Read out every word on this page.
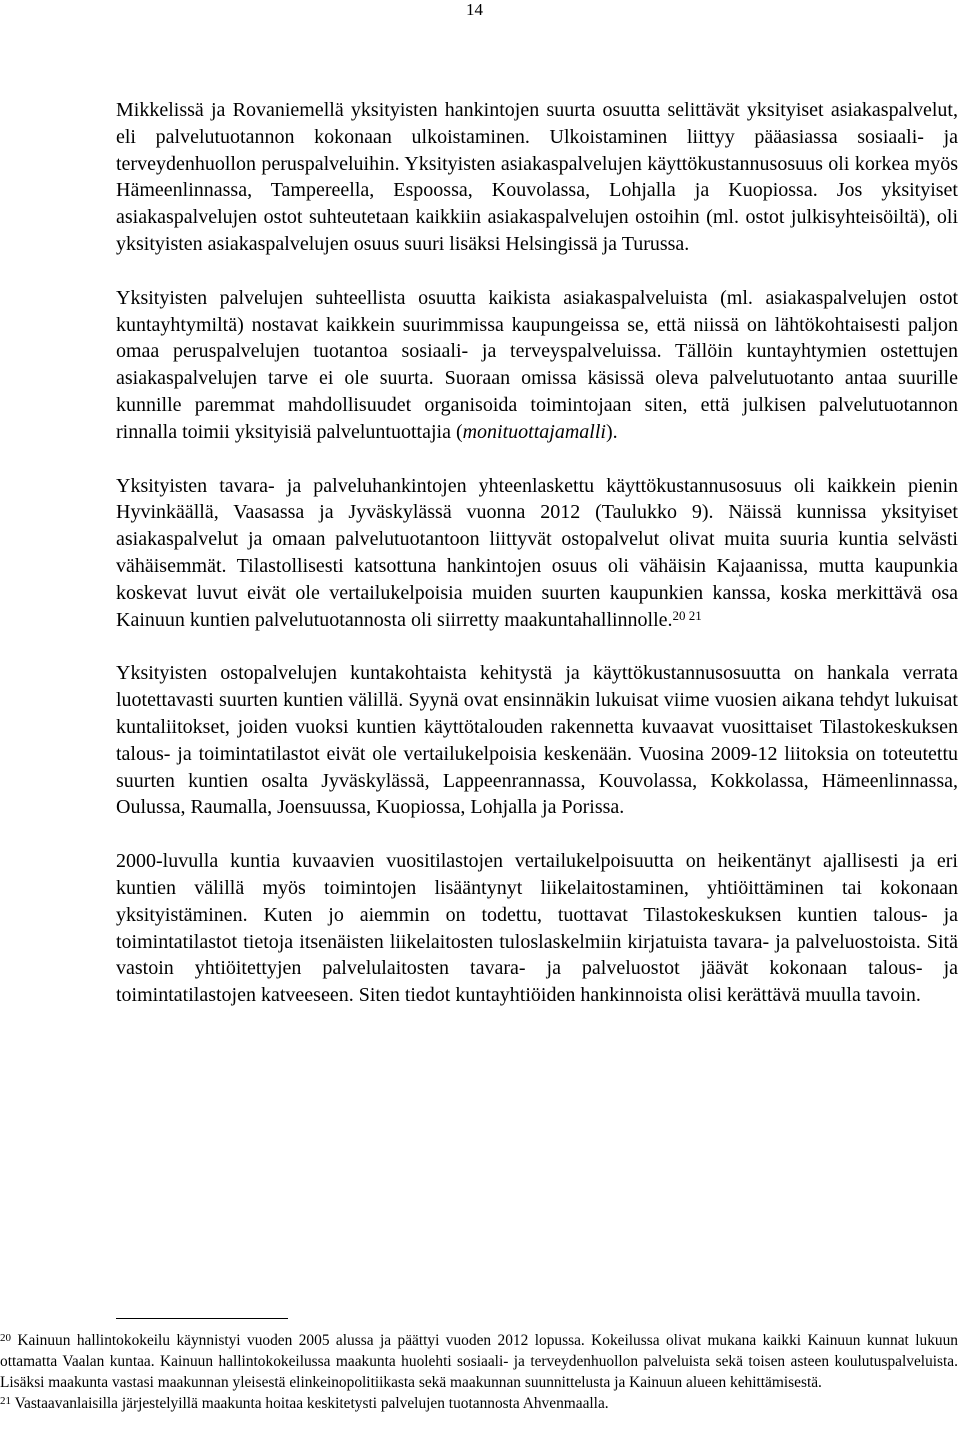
14

Mikkelissä ja Rovaniemellä yksityisten hankintojen suurta osuutta selittävät yksityiset asiakaspalvelut, eli palvelutuotannon kokonaan ulkoistaminen. Ulkoistaminen liittyy pääasiassa sosiaali- ja terveydenhuollon peruspalveluihin. Yksityisten asiakaspalvelujen käyttökustannusosuus oli korkea myös Hämeenlinnassa, Tampereella, Espoossa, Kouvolassa, Lohjalla ja Kuopiossa. Jos yksityiset asiakaspalvelujen ostot suhteutetaan kaikkiin asiakaspalvelujen ostoihin (ml. ostot julkisyhteisöiltä), oli yksityisten asiakaspalvelujen osuus suuri lisäksi Helsingissä ja Turussa.

Yksityisten palvelujen suhteellista osuutta kaikista asiakaspalveluista (ml. asiakaspalvelujen ostot kuntayhtymiltä) nostavat kaikkein suurimmissa kaupungeissa se, että niissä on lähtökohtaisesti paljon omaa peruspalvelujen tuotantoa sosiaali- ja terveyspalveluissa. Tällöin kuntayhtymien ostettujen asiakaspalvelujen tarve ei ole suurta. Suoraan omissa käsissä oleva palvelutuotanto antaa suurille kunnille paremmat mahdollisuudet organisoida toimintojaan siten, että julkisen palvelutuotannon rinnalla toimii yksityisiä palveluntuottajia (monituottajamalli).

Yksityisten tavara- ja palveluhankintojen yhteenlaskettu käyttökustannusosuus oli kaikkein pienin Hyvinkäällä, Vaasassa ja Jyväskylässä vuonna 2012 (Taulukko 9). Näissä kunnissa yksityiset asiakaspalvelut ja omaan palvelutuotantoon liittyvät ostopalvelut olivat muita suuria kuntia selvästi vähäisemmät. Tilastollisesti katsottuna hankintojen osuus oli vähäisin Kajaanissa, mutta kaupunkia koskevat luvut eivät ole vertailukelpoisia muiden suurten kaupunkien kanssa, koska merkittävä osa Kainuun kuntien palvelutuotannosta oli siirretty maakuntahallinnolle.$^{20 21}$

Yksityisten ostopalvelujen kuntakohtaista kehitystä ja käyttökustannusosuutta on hankala verrata luotettavasti suurten kuntien välillä. Syynä ovat ensinnäkin lukuisat viime vuosien aikana tehdyt lukuisat kuntaliitokset, joiden vuoksi kuntien käyttötalouden rakennetta kuvaavat vuosittaiset Tilastokeskuksen talous- ja toimintatilastot eivät ole vertailukelpoisia keskenään. Vuosina 2009-12 liitoksia on toteutettu suurten kuntien osalta Jyväskylässä, Lappeenrannassa, Kouvolassa, Kokkolassa, Hämeenlinnassa, Oulussa, Raumalla, Joensuussa, Kuopiossa, Lohjalla ja Porissa.

2000-luvulla kuntia kuvaavien vuositilastojen vertailukelpoisuutta on heikentänyt ajallisesti ja eri kuntien välillä myös toimintojen lisääntynyt liikelaitostaminen, yhtiöittäminen tai kokonaan yksityistäminen. Kuten jo aiemmin on todettu, tuottavat Tilastokeskuksen kuntien talous- ja toimintatilastot tietoja itsenäisten liikelaitosten tuloslaskelmiin kirjatuista tavara- ja palveluostoista. Sitä vastoin yhtiöitettyjen palvelulaitosten tavara- ja palveluostot jäävät kokonaan talous- ja toimintatilastojen katveeseen. Siten tiedot kuntayhtiöiden hankinnoista olisi kerättävä muulla tavoin.

$^{20}$ Kainuun hallintokokeilu käynnistyi vuoden 2005 alussa ja päättyi vuoden 2012 lopussa. Kokeilussa olivat mukana kaikki Kainuun kunnat lukuun ottamatta Vaalan kuntaa. Kainuun hallintokokeilussa maakunta huolehti sosiaali- ja terveydenhuollon palveluista sekä toisen asteen koulutuspalveluista. Lisäksi maakunta vastasi maakunnan yleisestä elinkeinopolitiikasta sekä maakunnan suunnittelusta ja Kainuun alueen kehittämisestä.

$^{21}$ Vastaavanlaisilla järjestelyillä maakunta hoitaa keskitetysti palvelujen tuotannosta Ahvenmaalla.
